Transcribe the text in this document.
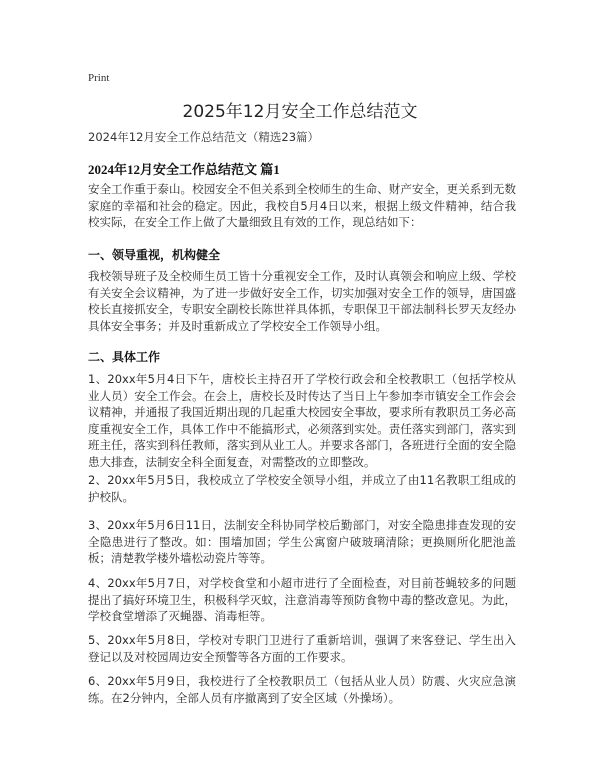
Print
2025年12月安全工作总结范文
2024年12月安全工作总结范文（精选23篇）
2024年12月安全工作总结范文 篇1

安全工作重于泰山。校园安全不但关系到全校师生的生命、财产安全，更关系到无数家庭的幸福和社会的稳定。因此，我校自5月4日以来，根据上级文件精神，结合我校实际，在安全工作上做了大量细致且有效的工作，现总结如下：

一、领导重视，机构健全

我校领导班子及全校师生员工皆十分重视安全工作，及时认真领会和响应上级、学校有关安全会议精神，为了进一步做好安全工作，切实加强对安全工作的领导，唐国盛校长直接抓安全，专职安全副校长陈世祥具体抓，专职保卫干部法制科长罗天友经办具体安全事务；并及时重新成立了学校安全工作领导小组。

二、具体工作

1、20xx年5月4日下午，唐校长主持召开了学校行政会和全校教职工（包括学校从业人员）安全工作会。在会上，唐校长及时传达了当日上午参加李市镇安全工作会会议精神，并通报了我国近期出现的几起重大校园安全事故，要求所有教职员工务必高度重视安全工作，具体工作中不能搞形式，必须落到实处。责任落实到部门，落实到班主任，落实到科任教师，落实到从业工人。并要求各部门，各班进行全面的安全隐患大排查，法制安全科全面复查，对需整改的立即整改。

2、20xx年5月5日，我校成立了学校安全领导小组，并成立了由11名教职工组成的护校队。

3、20xx年5月6日11日，法制安全科协同学校后勤部门，对安全隐患排查发现的安全隐患进行了整改。如：围墙加固；学生公寓窗户破玻璃清除；更换厕所化肥池盖板；清楚教学楼外墙松动瓷片等等。

4、20xx年5月7日，对学校食堂和小超市进行了全面检查，对目前苍蝇较多的问题提出了搞好环境卫生，积极科学灭蚊，注意消毒等预防食物中毒的整改意见。为此，学校食堂增添了灭蝇器、消毒柜等。

5、20xx年5月8日，学校对专职门卫进行了重新培训，强调了来客登记、学生出入登记以及对校园周边安全预警等各方面的工作要求。

6、20xx年5月9日，我校进行了全校教职员工（包括从业人员）防震、火灾应急演练。在2分钟内，全部人员有序撤离到了安全区域（外操场）。
